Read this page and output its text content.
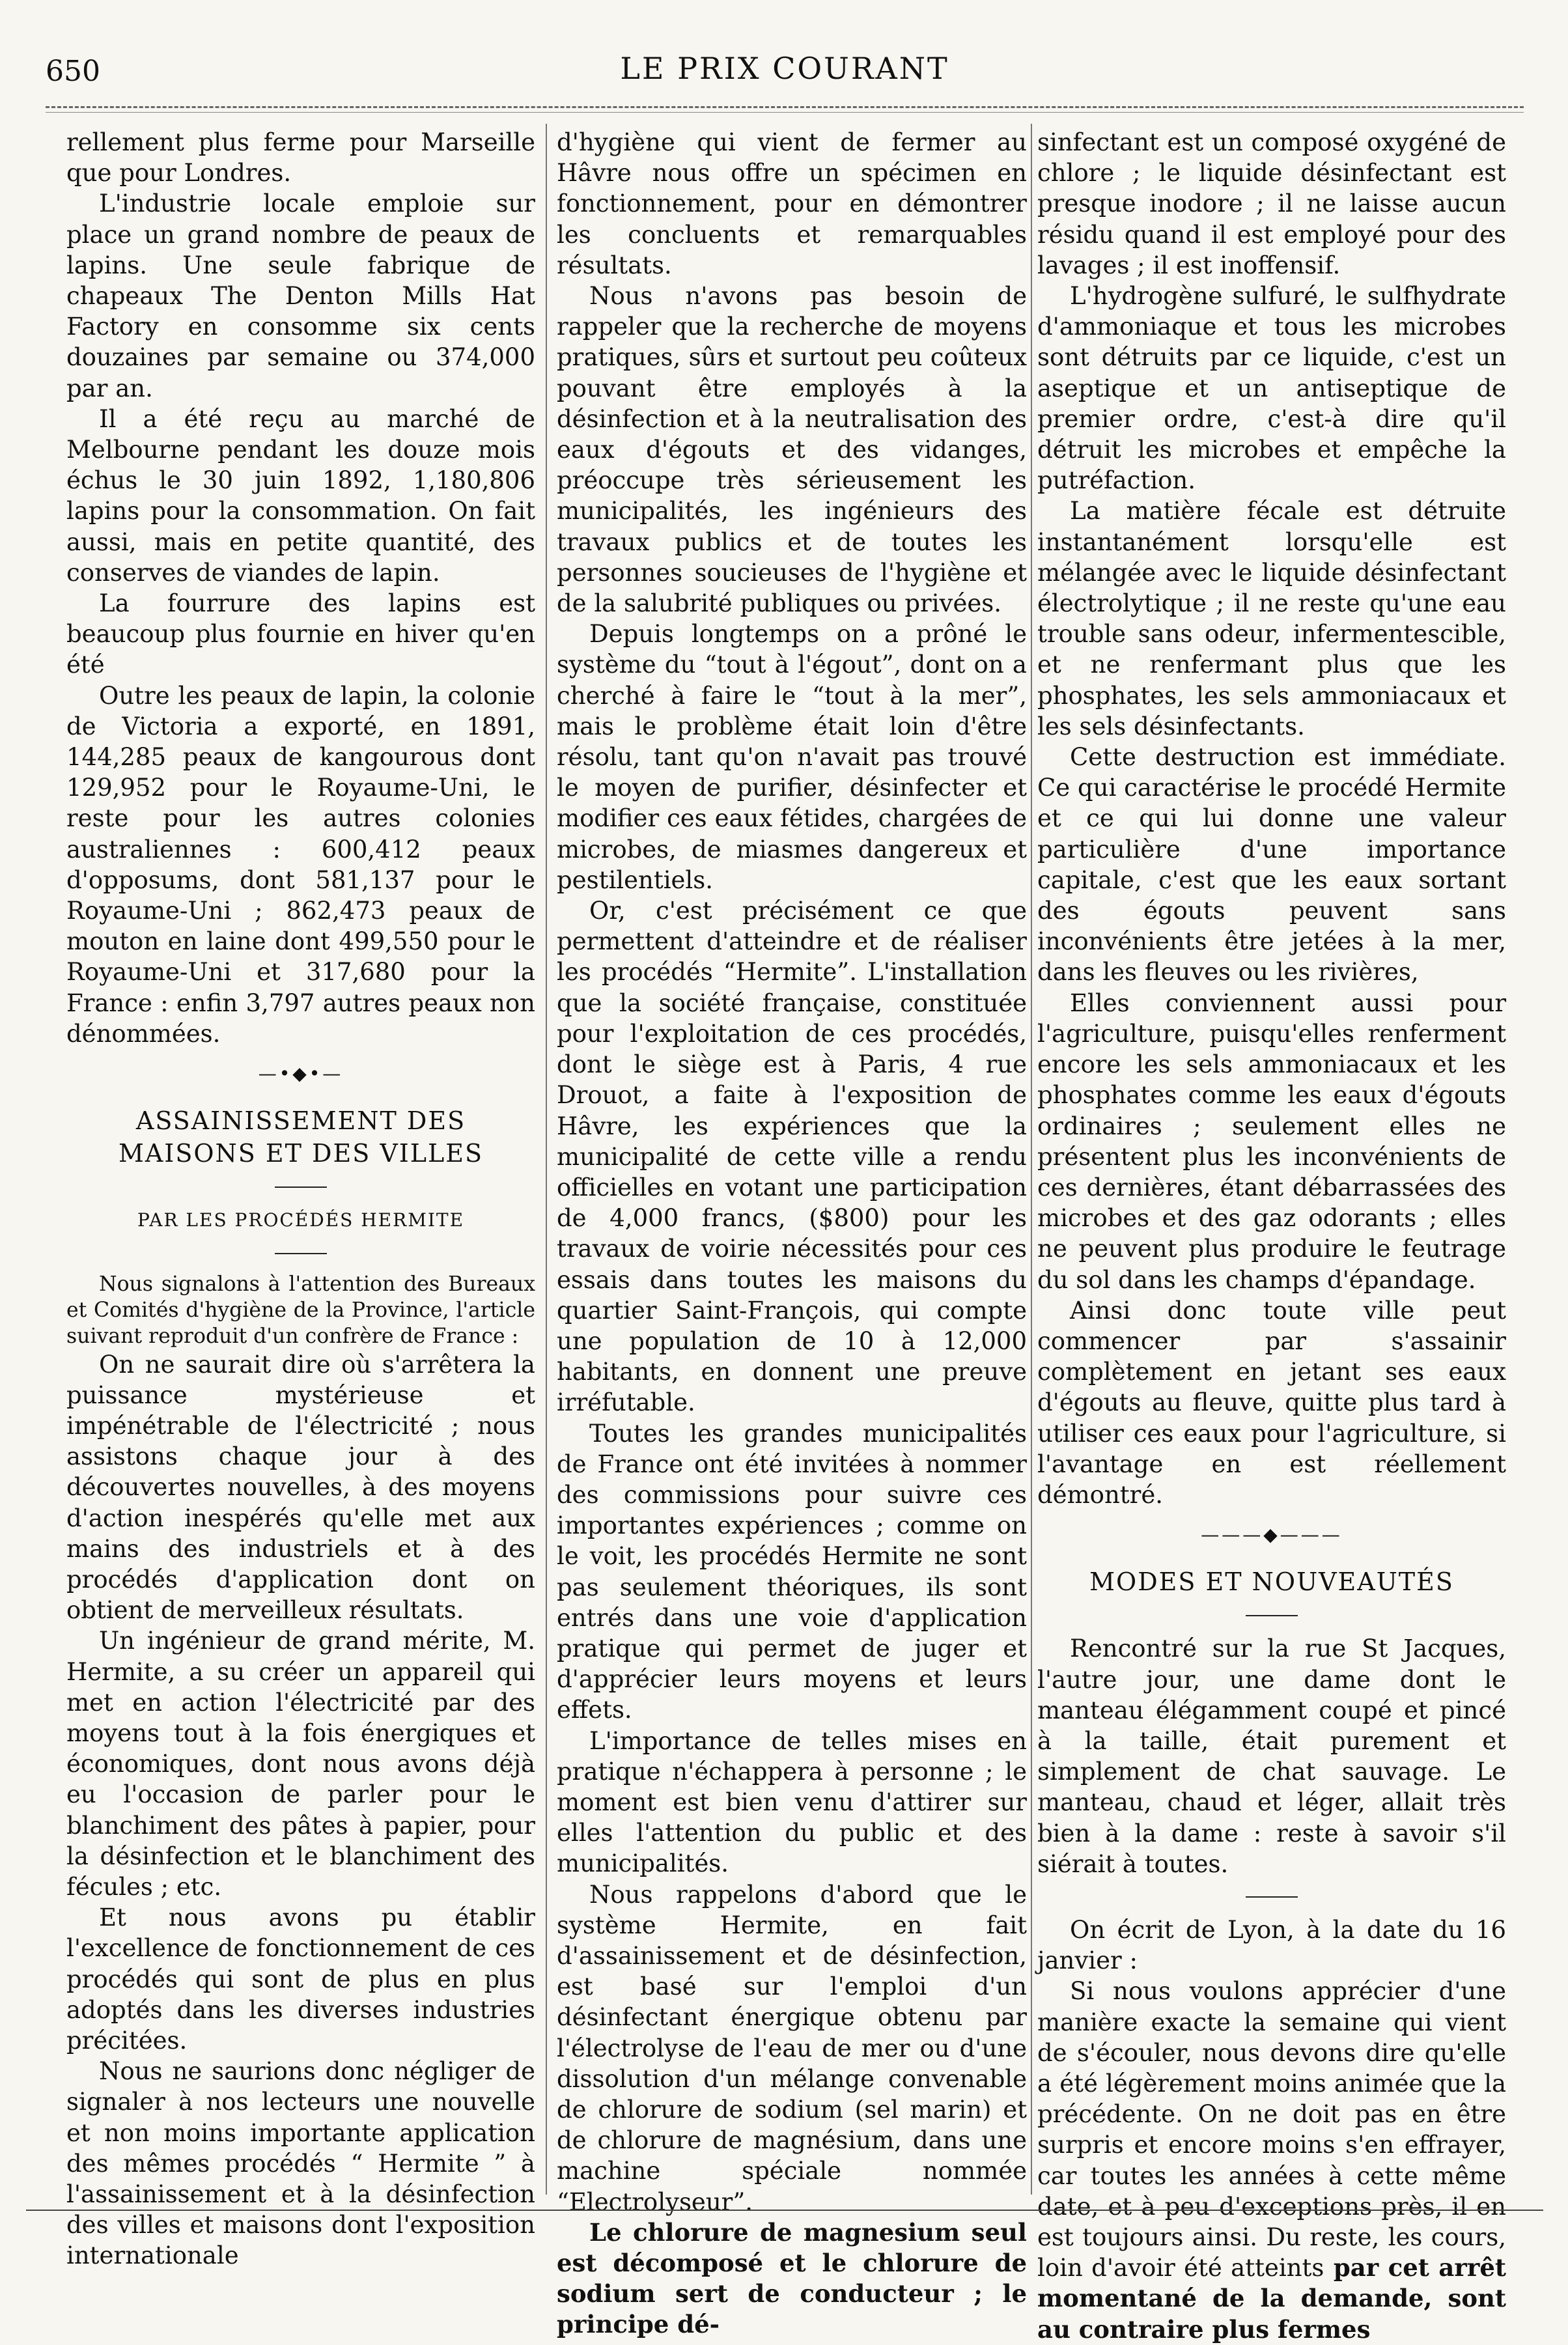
650	LE PRIX COURANT

rellement plus ferme pour Marseille que pour Londres.

L'industrie locale emploie sur place un grand nombre de peaux de lapins. Une seule fabrique de chapeaux The Denton Mills Hat Factory en consomme six cents douzaines par semaine ou 374,000 par an.

Il a été reçu au marché de Melbourne pendant les douze mois échus le 30 juin 1892, 1,180,806 lapins pour la consommation. On fait aussi, mais en petite quantité, des conserves de viandes de lapin.

La fourrure des lapins est beaucoup plus fournie en hiver qu'en été

Outre les peaux de lapin, la colonie de Victoria a exporté, en 1891, 144,285 peaux de kangourous dont 129,952 pour le Royaume-Uni, le reste pour les autres colonies australiennes : 600,412 peaux d'opposums, dont 581,137 pour le Royaume-Uni ; 862,473 peaux de mouton en laine dont 499,550 pour le Royaume-Uni et 317,680 pour la France : enfin 3,797 autres peaux non dénommées.

—•◆•—
ASSAINISSEMENT DES MAISONS ET DES VILLES
PAR LES PROCÉDÉS HERMITE

Nous signalons à l'attention des Bureaux et Comités d'hygiène de la Province, l'article suivant reproduit d'un confrère de France :

On ne saurait dire où s'arrêtera la puissance mystérieuse et impénétrable de l'électricité ; nous assistons chaque jour à des découvertes nouvelles, à des moyens d'action inespérés qu'elle met aux mains des industriels et à des procédés d'application dont on obtient de merveilleux résultats.

Un ingénieur de grand mérite, M. Hermite, a su créer un appareil qui met en action l'électricité par des moyens tout à la fois énergiques et économiques, dont nous avons déjà eu l'occasion de parler pour le blanchiment des pâtes à papier, pour la désinfection et le blanchiment des fécules ; etc.

Et nous avons pu établir l'excellence de fonctionnement de ces procédés qui sont de plus en plus adoptés dans les diverses industries précitées.

Nous ne saurions donc négliger de signaler à nos lecteurs une nouvelle et non moins importante application des mêmes procédés “ Hermite ” à l'assainissement et à la désinfection des villes et maisons dont l'exposition internationale

d'hygiène qui vient de fermer au Hâvre nous offre un spécimen en fonctionnement, pour en démontrer les concluents et remarquables résultats.

Nous n'avons pas besoin de rappeler que la recherche de moyens pratiques, sûrs et surtout peu coûteux pouvant être employés à la désinfection et à la neutralisation des eaux d'égouts et des vidanges, préoccupe très sérieusement les municipalités, les ingénieurs des travaux publics et de toutes les personnes soucieuses de l'hygiène et de la salubrité publiques ou privées.

Depuis longtemps on a prôné le système du “tout à l'égout”, dont on a cherché à faire le “tout à la mer”, mais le problème était loin d'être résolu, tant qu'on n'avait pas trouvé le moyen de purifier, désinfecter et modifier ces eaux fétides, chargées de microbes, de miasmes dangereux et pestilentiels.

Or, c'est précisément ce que permettent d'atteindre et de réaliser les procédés “Hermite”. L'installation que la société française, constituée pour l'exploitation de ces procédés, dont le siège est à Paris, 4 rue Drouot, a faite à l'exposition de Hâvre, les expériences que la municipalité de cette ville a rendu officielles en votant une participation de 4,000 francs, ($800) pour les travaux de voirie nécessités pour ces essais dans toutes les maisons du quartier Saint-François, qui compte une population de 10 à 12,000 habitants, en donnent une preuve irréfutable.

Toutes les grandes municipalités de France ont été invitées à nommer des commissions pour suivre ces importantes expériences ; comme on le voit, les procédés Hermite ne sont pas seulement théoriques, ils sont entrés dans une voie d'application pratique qui permet de juger et d'apprécier leurs moyens et leurs effets.

L'importance de telles mises en pratique n'échappera à personne ; le moment est bien venu d'attirer sur elles l'attention du public et des municipalités.

Nous rappelons d'abord que le système Hermite, en fait d'assainissement et de désinfection, est basé sur l'emploi d'un désinfectant énergique obtenu par l'électrolyse de l'eau de mer ou d'une dissolution d'un mélange convenable de chlorure de sodium (sel marin) et de chlorure de magnésium, dans une machine spéciale nommée “Electrolyseur”.

Le chlorure de magnesium seul est décomposé et le chlorure de sodium sert de conducteur ; le principe dé-

sinfectant est un composé oxygéné de chlore ; le liquide désinfectant est presque inodore ; il ne laisse aucun résidu quand il est employé pour des lavages ; il est inoffensif.

L'hydrogène sulfuré, le sulfhydrate d'ammoniaque et tous les microbes sont détruits par ce liquide, c'est un aseptique et un antiseptique de premier ordre, c'est-à dire qu'il détruit les microbes et empêche la putréfaction.

La matière fécale est détruite instantanément lorsqu'elle est mélangée avec le liquide désinfectant électrolytique ; il ne reste qu'une eau trouble sans odeur, infermentescible, et ne renfermant plus que les phosphates, les sels ammoniacaux et les sels désinfectants.

Cette destruction est immédiate. Ce qui caractérise le procédé Hermite et ce qui lui donne une valeur particulière d'une importance capitale, c'est que les eaux sortant des égouts peuvent sans inconvénients être jetées à la mer, dans les fleuves ou les rivières,

Elles conviennent aussi pour l'agriculture, puisqu'elles renferment encore les sels ammoniacaux et les phosphates comme les eaux d'égouts ordinaires ; seulement elles ne présentent plus les inconvénients de ces dernières, étant débarrassées des microbes et des gaz odorants ; elles ne peuvent plus produire le feutrage du sol dans les champs d'épandage.

Ainsi donc toute ville peut commencer par s'assainir complètement en jetant ses eaux d'égouts au fleuve, quitte plus tard à utiliser ces eaux pour l'agriculture, si l'avantage en est réellement démontré.

———◆———
MODES ET NOUVEAUTÉS

Rencontré sur la rue St Jacques, l'autre jour, une dame dont le manteau élégamment coupé et pincé à la taille, était purement et simplement de chat sauvage. Le manteau, chaud et léger, allait très bien à la dame : reste à savoir s'il siérait à toutes.

On écrit de Lyon, à la date du 16 janvier :

Si nous voulons apprécier d'une manière exacte la semaine qui vient de s'écouler, nous devons dire qu'elle a été légèrement moins animée que la précédente. On ne doit pas en être surpris et encore moins s'en effrayer, car toutes les années à cette même date, et à peu d'exceptions près, il en est toujours ainsi. Du reste, les cours, loin d'avoir été atteints par cet arrêt momentané de la demande, sont au contraire plus fermes
